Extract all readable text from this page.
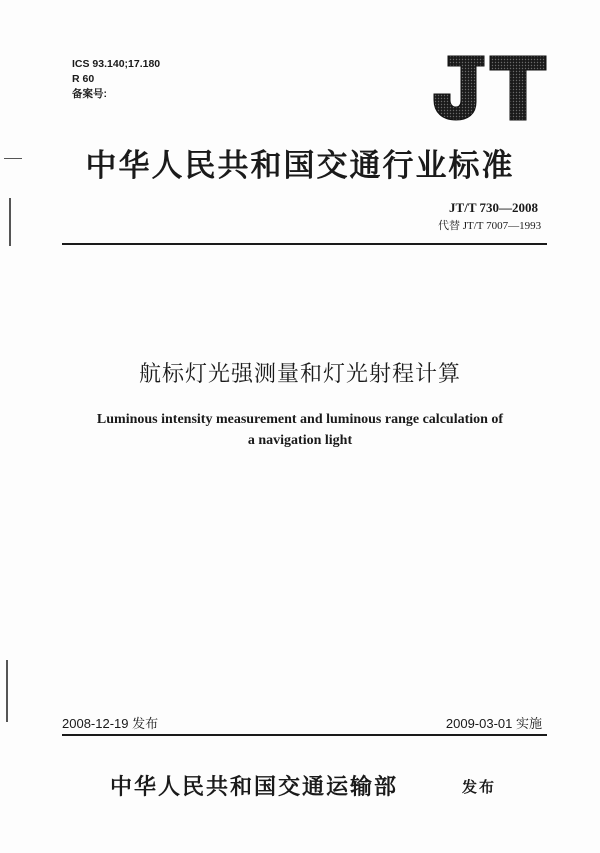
ICS 93.140;17.180
R 60
备案号:
中华人民共和国交通行业标准
JT/T 730—2008
代替 JT/T 7007—1993
航标灯光强测量和灯光射程计算
Luminous intensity measurement and luminous range calculation of
a navigation light
2008-12-19 发布	2009-03-01 实施
中华人民共和国交通运输部	发布
